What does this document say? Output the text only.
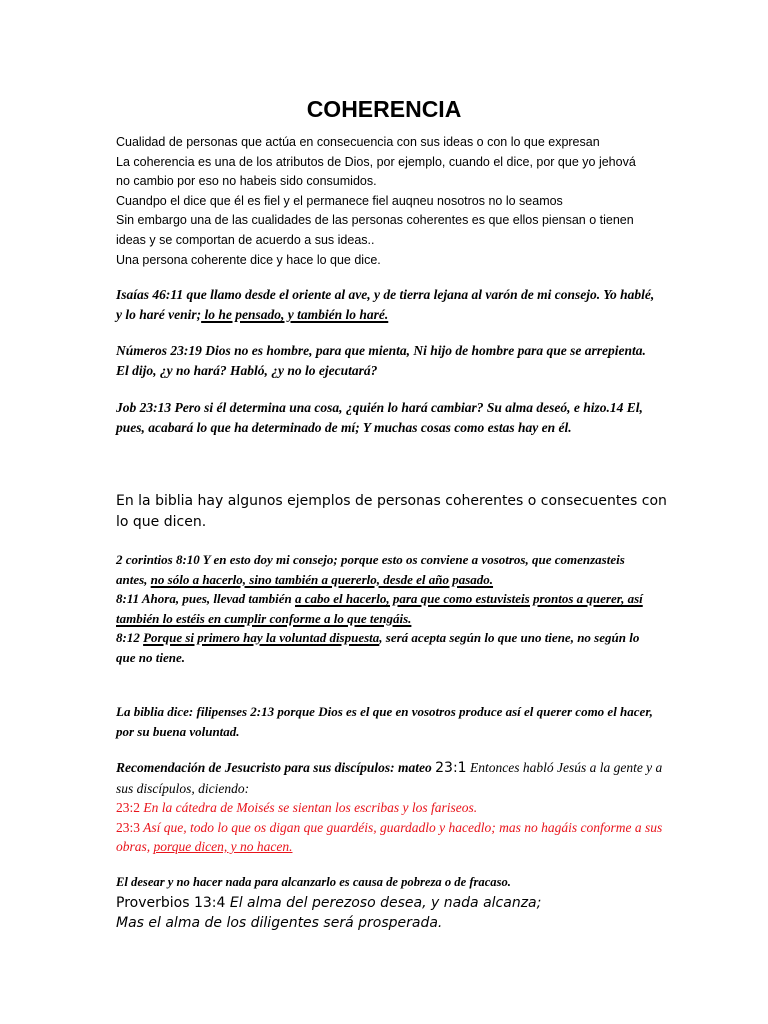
COHERENCIA

Cualidad de personas que actúa en consecuencia con sus ideas o con lo que expresan

La coherencia es una de los atributos de Dios, por ejemplo, cuando el dice, por que yo jehová

no cambio por eso no habeis sido consumidos.

Cuandpo el dice que él es fiel y el permanece fiel auqneu nosotros no lo seamos

Sin embargo una de las cualidades de las personas coherentes es que ellos piensan o tienen

ideas y se comportan de acuerdo a sus ideas..

Una persona coherente dice y hace lo que dice.

Isaías 46:11 que llamo desde el oriente al ave, y de tierra lejana al varón de mi consejo. Yo hablé, y lo haré venir; lo he pensado, y también lo haré.

Números 23:19 Dios no es hombre, para que mienta, Ni hijo de hombre para que se arrepienta. El dijo, ¿y no hará? Habló, ¿y no lo ejecutará?

Job 23:13 Pero si él determina una cosa, ¿quién lo hará cambiar? Su alma deseó, e hizo.14 El, pues, acabará lo que ha determinado de mí; Y muchas cosas como estas hay en él.

En la biblia hay algunos ejemplos de personas coherentes o consecuentes con lo que dicen.

2 corintios 8:10 Y en esto doy mi consejo; porque esto os conviene a vosotros, que comenzasteis antes, no sólo a hacerlo, sino también a quererlo, desde el año pasado.
8:11 Ahora, pues, llevad también a cabo el hacerlo, para que como estuvisteis prontos a querer, así también lo estéis en cumplir conforme a lo que tengáis.
8:12 Porque si primero hay la voluntad dispuesta, será acepta según lo que uno tiene, no según lo que no tiene.

La biblia dice: filipenses 2:13 porque Dios es el que en vosotros produce así el querer como el hacer, por su buena voluntad.

Recomendación de Jesucristo para sus discípulos: mateo 23:1 Entonces habló Jesús a la gente y a sus discípulos, diciendo:

23:2 En la cátedra de Moisés se sientan los escribas y los fariseos.

23:3 Así que, todo lo que os digan que guardéis, guardadlo y hacedlo; mas no hagáis conforme a sus obras, porque dicen, y no hacen.

El desear y no hacer nada para alcanzarlo es causa de pobreza o de fracaso.

Proverbios 13:4 El alma del perezoso desea, y nada alcanza;

Mas el alma de los diligentes será prosperada.
